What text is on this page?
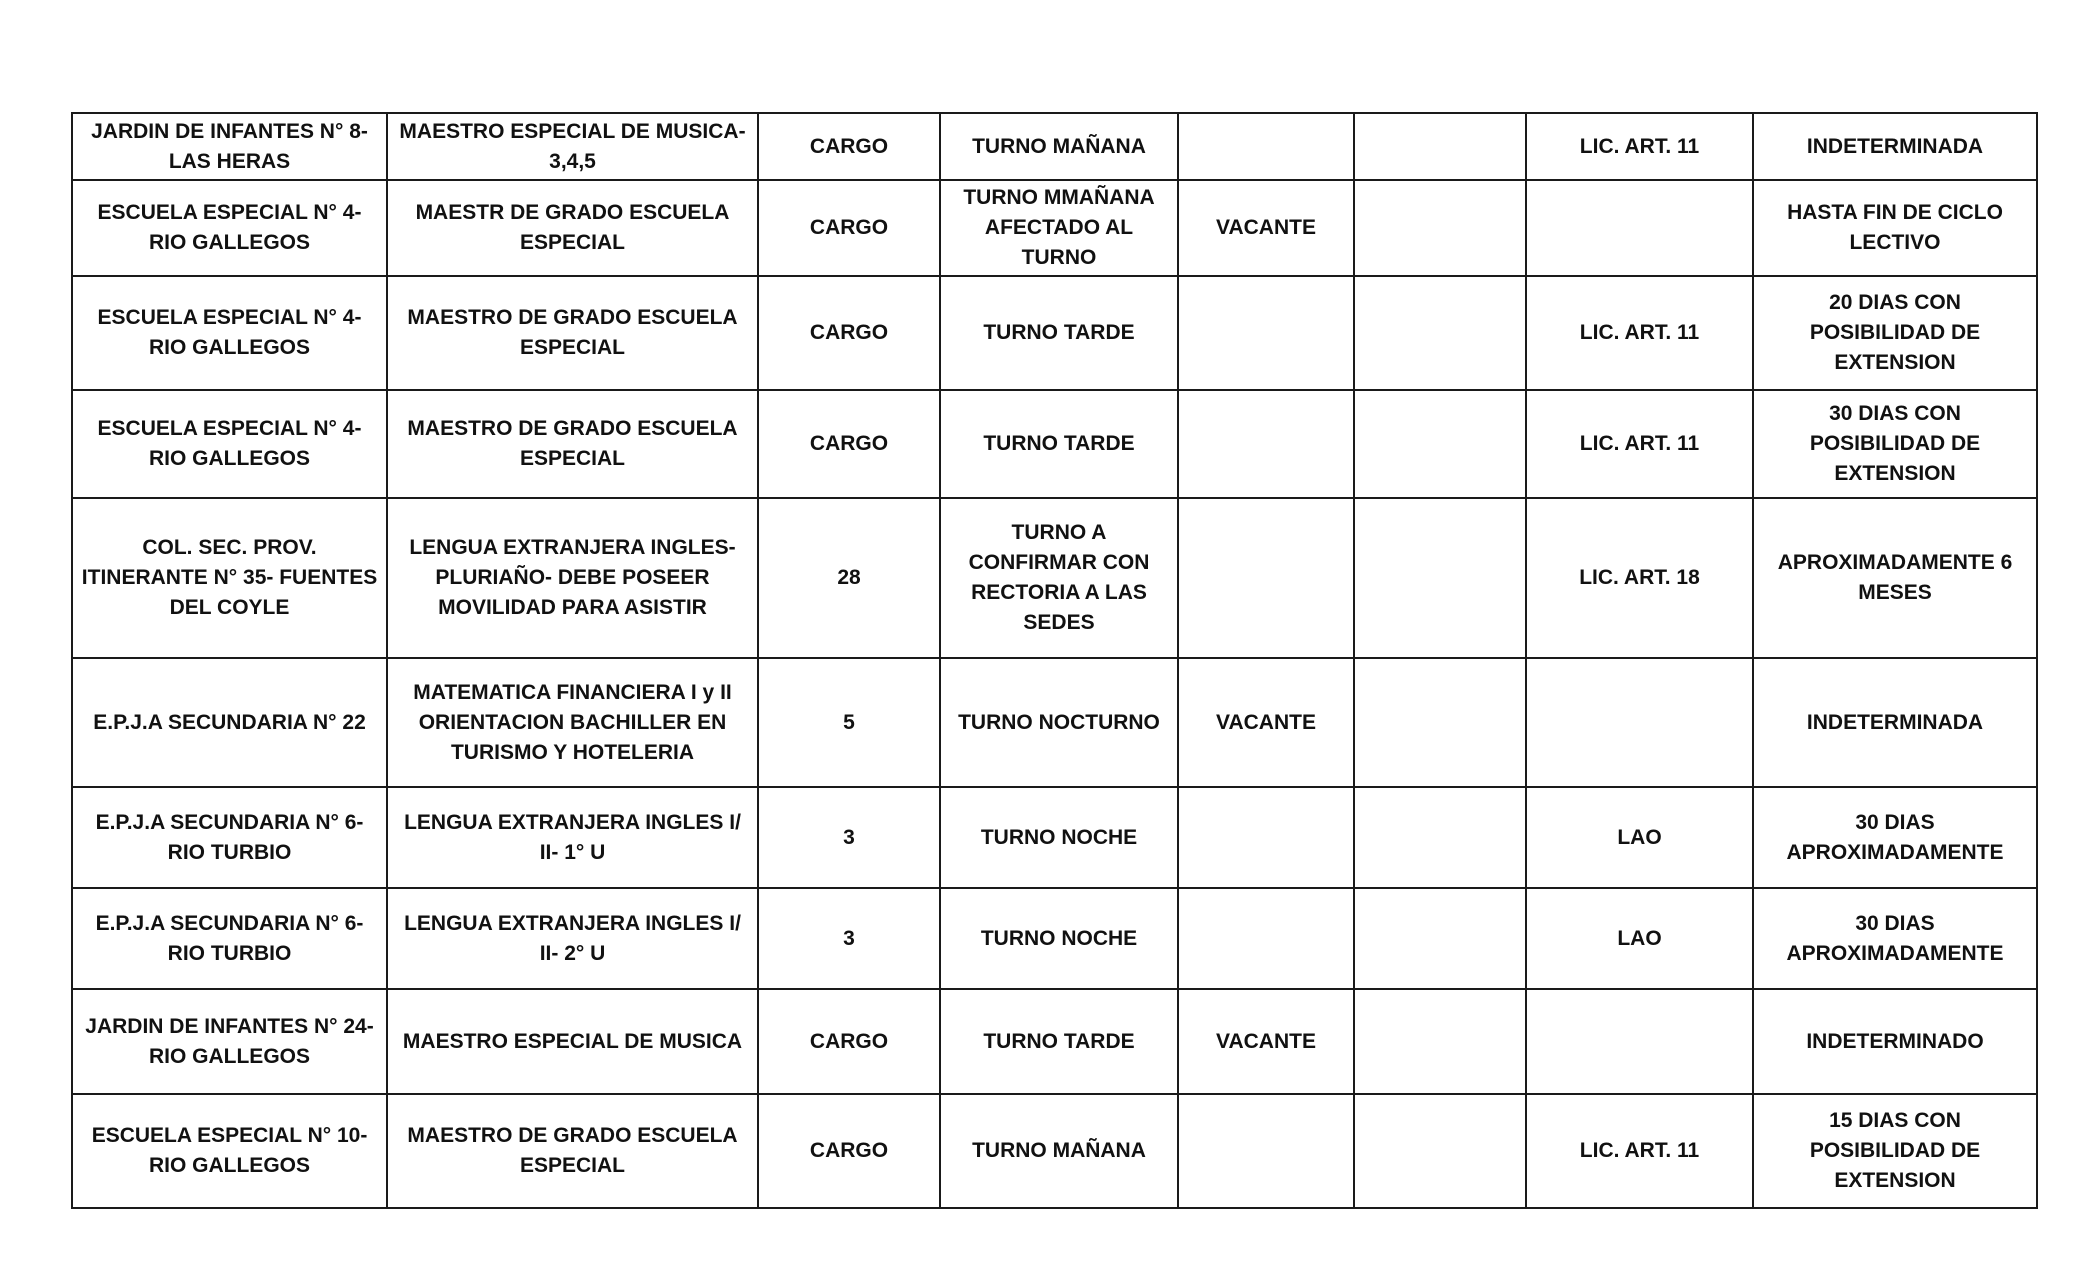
JARDIN DE INFANTES N° 8- LAS HERAS	MAESTRO ESPECIAL DE MUSICA- 3,4,5	CARGO	TURNO MAÑANA			LIC. ART. 11	INDETERMINADA
ESCUELA ESPECIAL N° 4- RIO GALLEGOS	MAESTR DE GRADO ESCUELA ESPECIAL	CARGO	TURNO MMAÑANA AFECTADO AL TURNO	VACANTE			HASTA FIN DE CICLO LECTIVO
ESCUELA ESPECIAL N° 4- RIO GALLEGOS	MAESTRO DE GRADO ESCUELA ESPECIAL	CARGO	TURNO TARDE			LIC. ART. 11	20 DIAS CON POSIBILIDAD DE EXTENSION
ESCUELA ESPECIAL N° 4- RIO GALLEGOS	MAESTRO DE GRADO ESCUELA ESPECIAL	CARGO	TURNO TARDE			LIC. ART. 11	30 DIAS CON POSIBILIDAD DE EXTENSION
COL. SEC. PROV. ITINERANTE N° 35- FUENTES DEL COYLE	LENGUA EXTRANJERA INGLES- PLURIAÑO- DEBE POSEER MOVILIDAD PARA ASISTIR	28	TURNO A CONFIRMAR CON RECTORIA A LAS SEDES			LIC. ART. 18	APROXIMADAMENTE 6 MESES
E.P.J.A SECUNDARIA N° 22	MATEMATICA FINANCIERA I y II ORIENTACION BACHILLER EN TURISMO Y HOTELERIA	5	TURNO NOCTURNO	VACANTE			INDETERMINADA
E.P.J.A SECUNDARIA N° 6- RIO TURBIO	LENGUA EXTRANJERA INGLES I/ II- 1° U	3	TURNO NOCHE			LAO	30 DIAS APROXIMADAMENTE
E.P.J.A SECUNDARIA N° 6- RIO TURBIO	LENGUA EXTRANJERA INGLES I/ II- 2° U	3	TURNO NOCHE			LAO	30 DIAS APROXIMADAMENTE
JARDIN DE INFANTES N° 24- RIO GALLEGOS	MAESTRO ESPECIAL DE MUSICA	CARGO	TURNO TARDE	VACANTE			INDETERMINADO
ESCUELA ESPECIAL N° 10- RIO GALLEGOS	MAESTRO DE GRADO ESCUELA ESPECIAL	CARGO	TURNO MAÑANA			LIC. ART. 11	15 DIAS CON POSIBILIDAD DE EXTENSION
